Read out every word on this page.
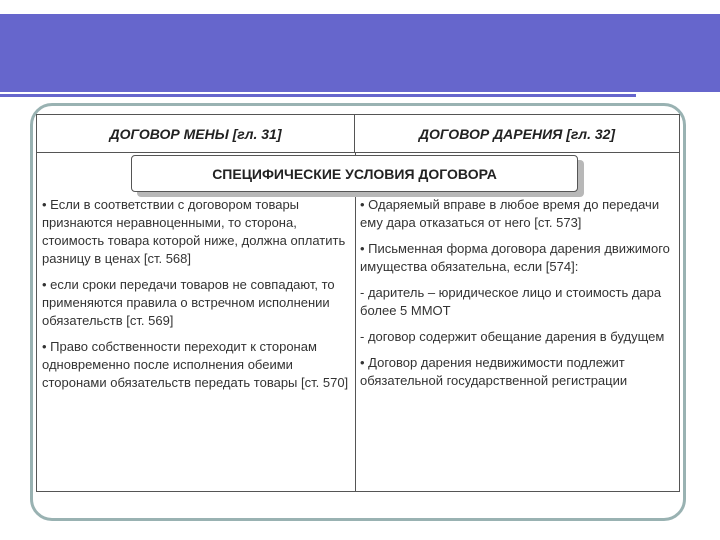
ДОГОВОР МЕНЫ [гл. 31]	ДОГОВОР ДАРЕНИЯ [гл. 32]
СПЕЦИФИЧЕСКИЕ УСЛОВИЯ ДОГОВОРА

• Если в соответствии с договором товары признаются неравноценными, то сторона, стоимость товара которой ниже, должна оплатить разницу в ценах [ст. 568]

• если сроки передачи товаров не совпадают, то применяются правила о встречном исполнении обязательств [ст. 569]

• Право собственности переходит к сторонам одновременно после исполнения обеими сторонами обязательств передать товары [ст. 570]

• Одаряемый вправе в любое время до передачи ему дара отказаться от него [ст. 573]

• Письменная форма договора дарения движимого имущества обязательна, если [574]:

- даритель – юридическое лицо и стоимость дара более 5 ММОТ

- договор содержит обещание дарения в будущем

• Договор дарения недвижимости подлежит обязательной государственной регистрации
